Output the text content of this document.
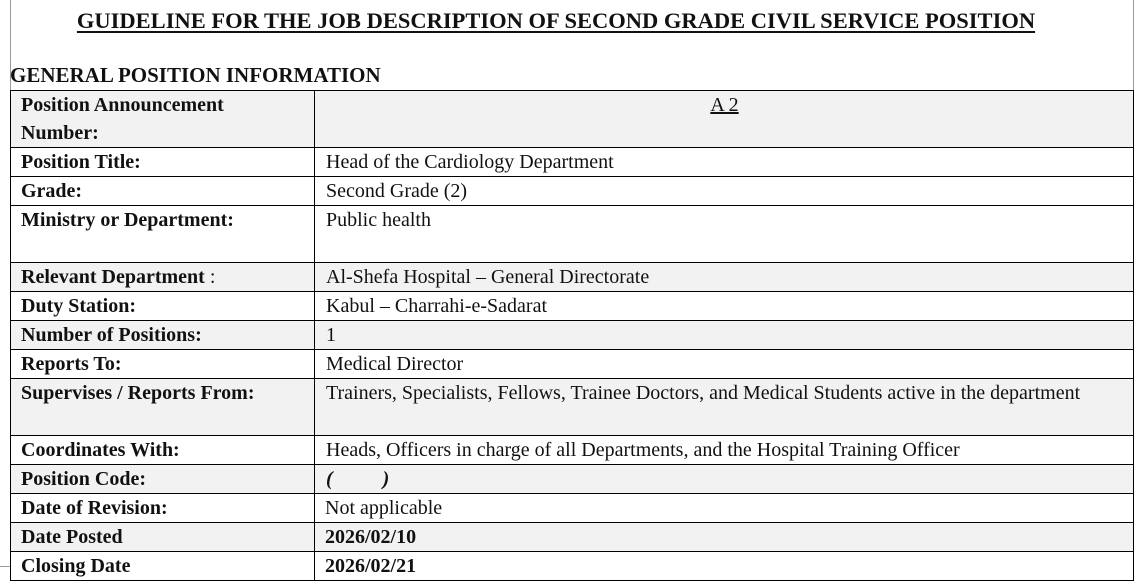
GUIDELINE FOR THE JOB DESCRIPTION OF SECOND GRADE CIVIL SERVICE POSITION
GENERAL POSITION INFORMATION
Position Announcement Number:	A 2

Position Title:	Head of the Cardiology Department
Grade:	Second Grade (2)
Ministry or Department:	Public health
Relevant Department :	Al-Shefa Hospital – General Directorate
Duty Station:	Kabul – Charrahi-e-Sadarat
Number of Positions:	1
Reports To:	Medical Director
Supervises / Reports From:	Trainers, Specialists, Fellows, Trainee Doctors, and Medical Students active in the department
Coordinates With:	Heads, Officers in charge of all Departments, and the Hospital Training Officer
Position Code:	(          )
Date of Revision:	Not applicable
Date Posted	2026/02/10
Closing Date	2026/02/21
